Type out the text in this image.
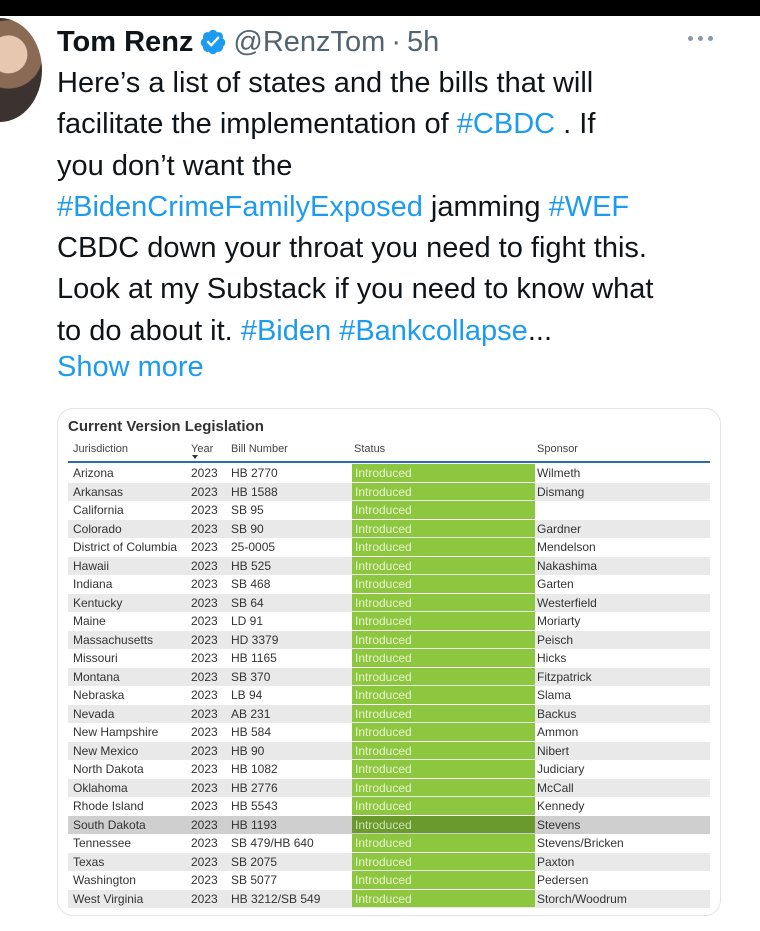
Tom Renz @RenzTom · 5h
Here’s a list of states and the bills that will
facilitate the implementation of #CBDC . If
you don’t want the
#BidenCrimeFamilyExposed jamming #WEF
CBDC down your throat you need to fight this.
Look at my Substack if you need to know what
to do about it. #Biden #Bankcollapse...
Show more
Current Version Legislation
Jurisdiction	Year Bill Number	Status	Sponsor
Arizona	2023 HB 2770	Introduced	Wilmeth
Arkansas	2023 HB 1588	Introduced	Dismang
California	2023 SB 95	Introduced
Colorado	2023 SB 90	Introduced	Gardner
District of Columbia 2023 25-0005	Introduced	Mendelson
Hawaii	2023 HB 525	Introduced	Nakashima
Indiana	2023 SB 468	Introduced	Garten
Kentucky	2023 SB 64	Introduced	Westerfield
Maine	2023 LD 91	Introduced	Moriarty
Massachusetts	2023 HD 3379	Introduced	Peisch
Missouri	2023 HB 1165	Introduced	Hicks
Montana	2023 SB 370	Introduced	Fitzpatrick
Nebraska	2023 LB 94	Introduced	Slama
Nevada	2023 AB 231	Introduced	Backus
New Hampshire	2023 HB 584	Introduced	Ammon
New Mexico	2023 HB 90	Introduced	Nibert
North Dakota	2023 HB 1082	Introduced	Judiciary
Oklahoma	2023 HB 2776	Introduced	McCall
Rhode Island	2023 HB 5543	Introduced	Kennedy
South Dakota	2023 HB 1193	Introduced	Stevens
Tennessee	2023 SB 479/HB 640	Introduced	Stevens/Bricken
Texas	2023 SB 2075	Introduced	Paxton
Washington	2023 SB 5077	Introduced	Pedersen
West Virginia	2023 HB 3212/SB 549	Introduced	Storch/Woodrum
